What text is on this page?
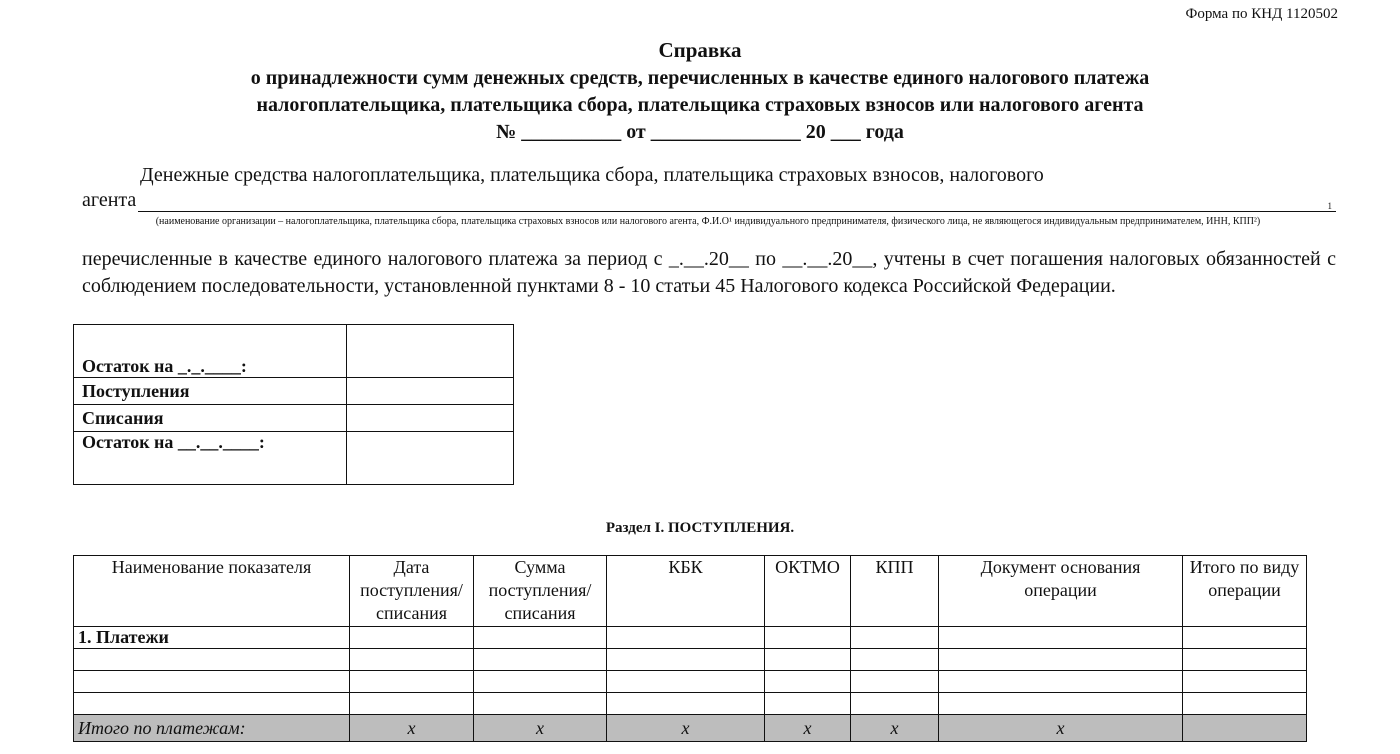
Форма по КНД 1120502
Справка
о принадлежности сумм денежных средств, перечисленных в качестве единого налогового платежа
налогоплательщика, плательщика сбора, плательщика страховых взносов или налогового агента
№ __________ от _______________ 20 ___ года
Денежные средства налогоплательщика, плательщика сбора, плательщика страховых взносов, налогового
агента	1
(наименование организации – налогоплательщика, плательщика сбора, плательщика страховых взносов или налогового агента, Ф.И.О¹ индивидуального предпринимателя, физического лица, не являющегося индивидуальным предпринимателем, ИНН, КПП²)
перечисленные в качестве единого налогового платежа за период с _.__.20__ по __.__.20__, учтены в счет погашения налоговых обязанностей с соблюдением последовательности, установленной пунктами 8 - 10 статьи 45 Налогового кодекса Российской Федерации.
Остаток на _._.____:	
Поступления	
Списания	
Остаток на __.__.____:	
Раздел I. ПОСТУПЛЕНИЯ.
Наименование показателя	Дата поступления/ списания	Сумма поступления/ списания	КБК	ОКТМО	КПП	Документ основания операции	Итого по виду операции
1. Платежи							

Итого по платежам:	x	x	x	x	x	x	
